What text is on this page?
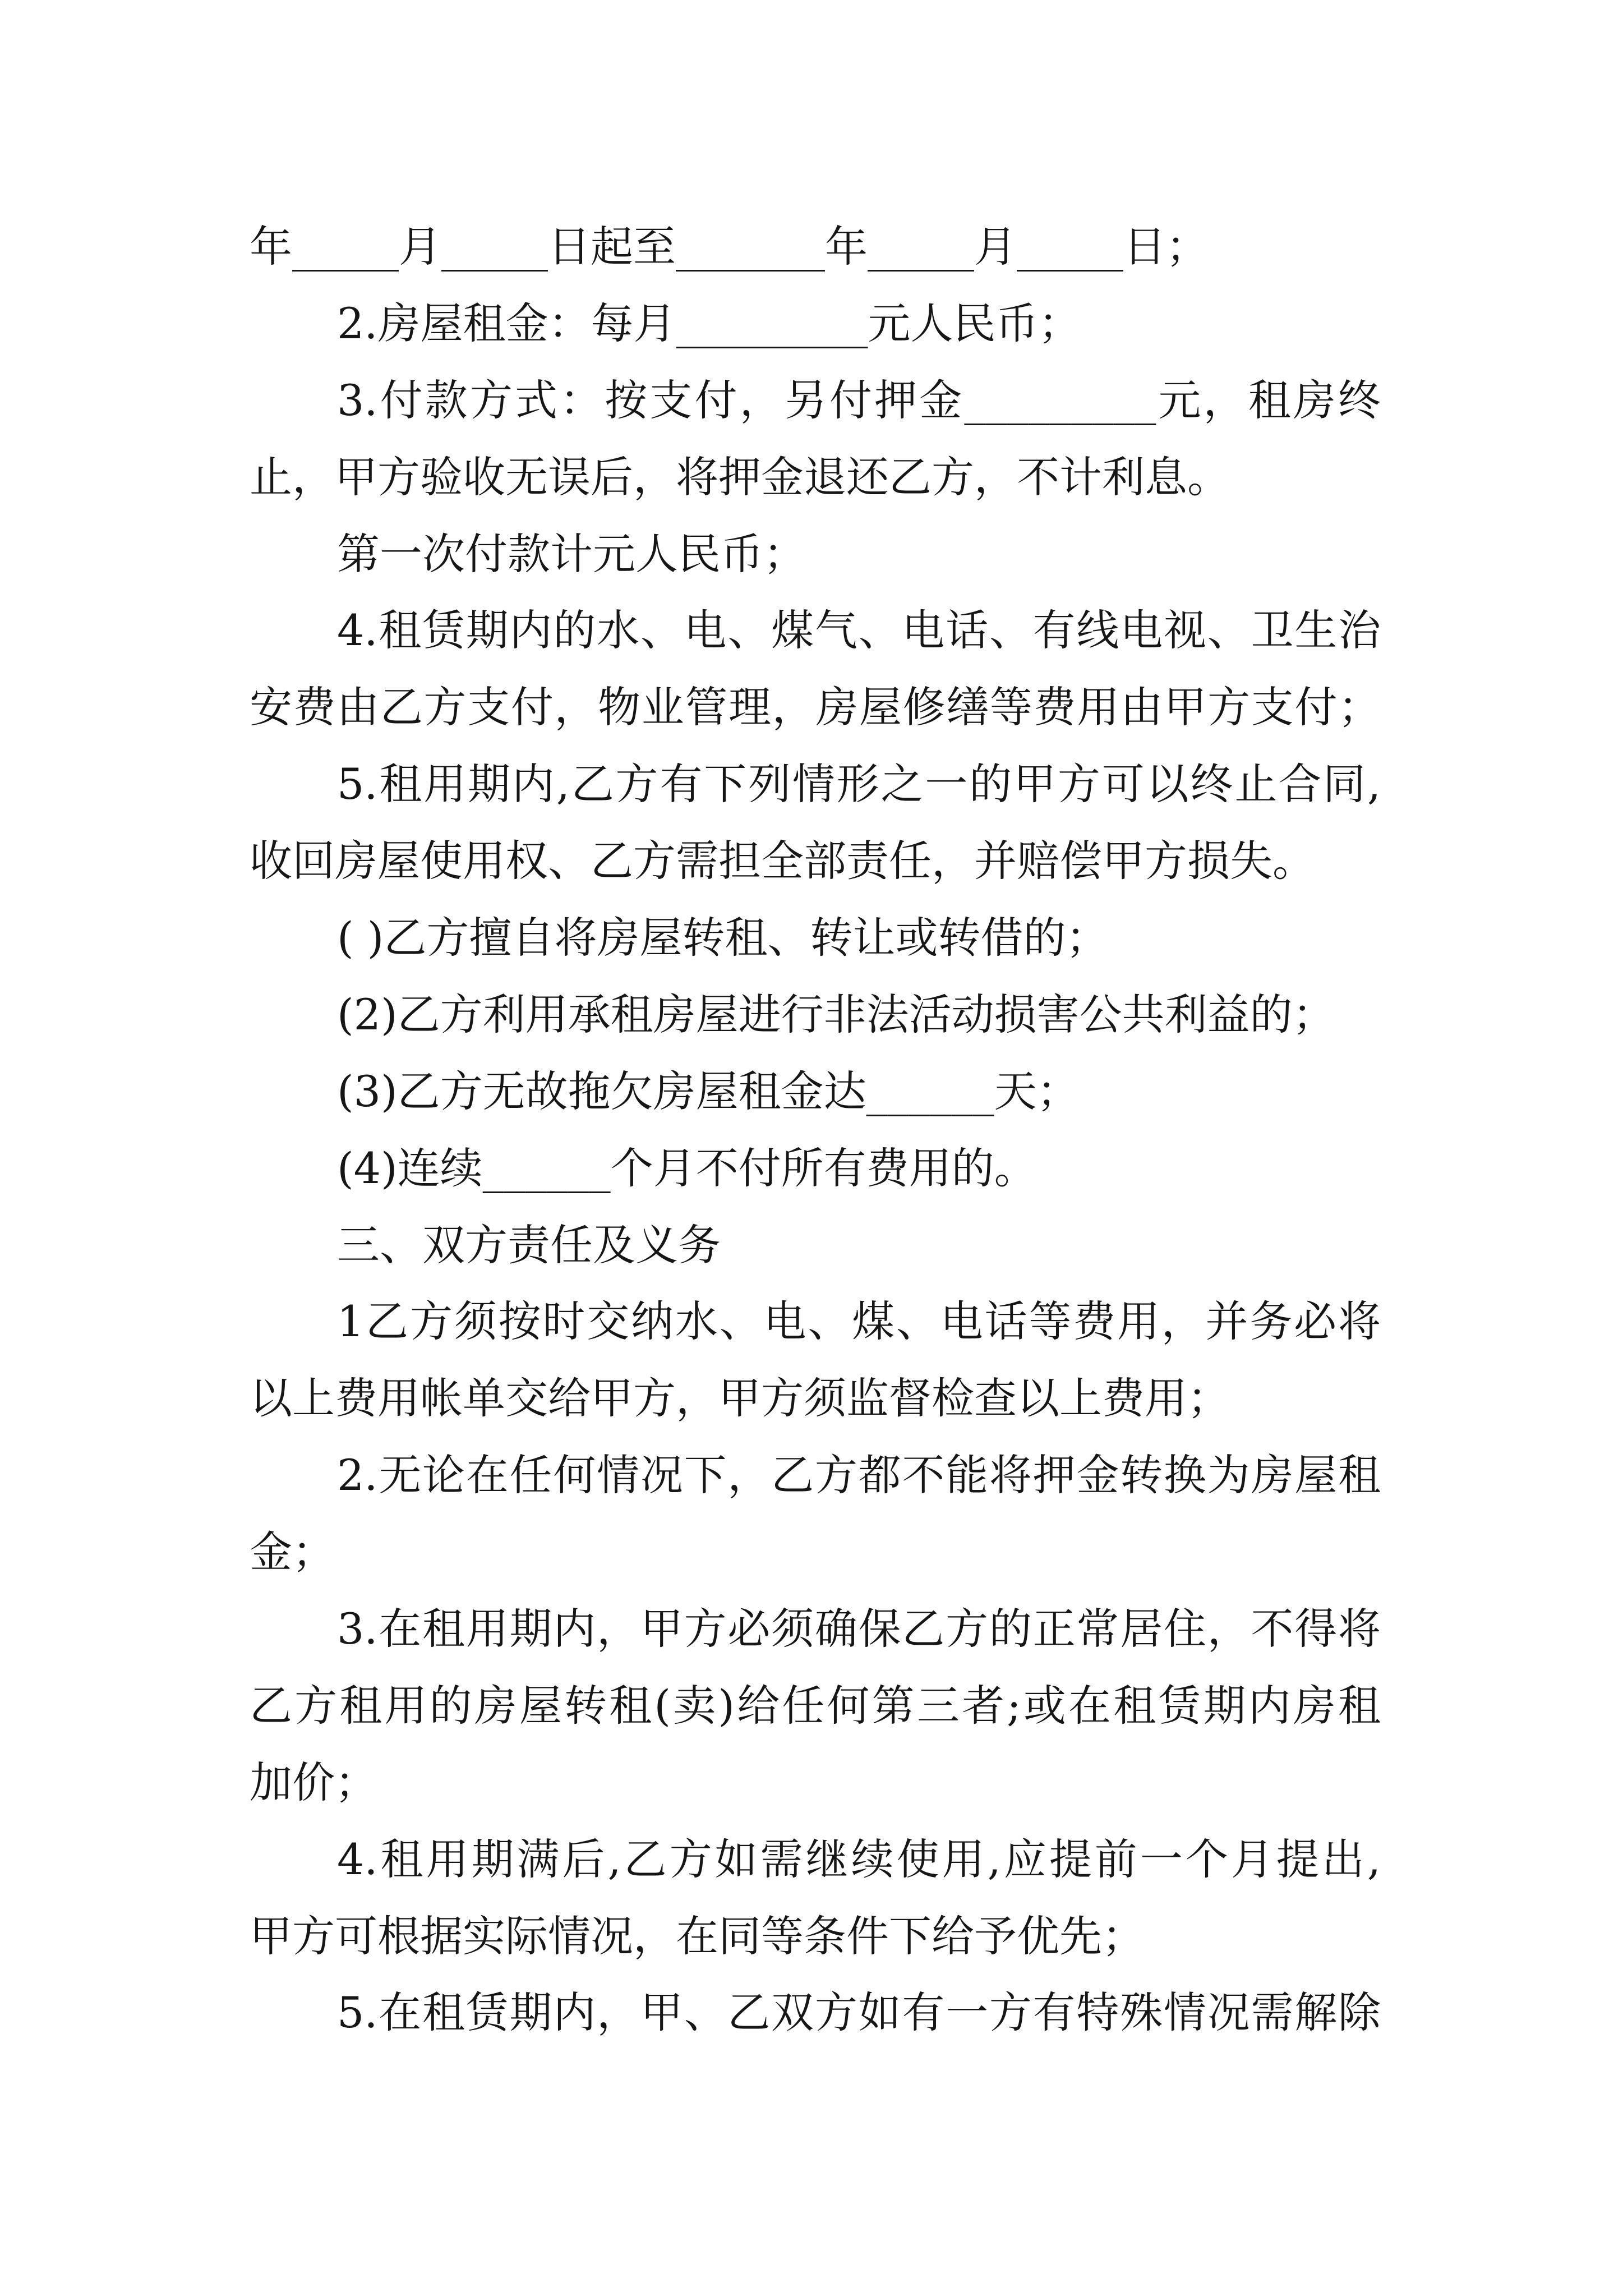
年_____月_____日起至_______年_____月_____日；
2.房屋租金：每月_________元人民币；
3.付款方式：按支付，另付押金_________元，租房终
止，甲方验收无误后，将押金退还乙方，不计利息。
第一次付款计元人民币；
4.租赁期内的水、电、煤气、电话、有线电视、卫生治
安费由乙方支付，物业管理，房屋修缮等费用由甲方支付；
5.租用期内,乙方有下列情形之一的甲方可以终止合同,
收回房屋使用权、乙方需担全部责任，并赔偿甲方损失。
( )乙方擅自将房屋转租、转让或转借的；
(2)乙方利用承租房屋进行非法活动损害公共利益的；
(3)乙方无故拖欠房屋租金达______天；
(4)连续______个月不付所有费用的。
三、双方责任及义务
1乙方须按时交纳水、电、煤、电话等费用，并务必将
以上费用帐单交给甲方，甲方须监督检查以上费用；
2.无论在任何情况下，乙方都不能将押金转换为房屋租
金；
3.在租用期内，甲方必须确保乙方的正常居住，不得将
乙方租用的房屋转租(卖)给任何第三者;或在租赁期内房租
加价；
4.租用期满后,乙方如需继续使用,应提前一个月提出,
甲方可根据实际情况，在同等条件下给予优先；
5.在租赁期内，甲、乙双方如有一方有特殊情况需解除
